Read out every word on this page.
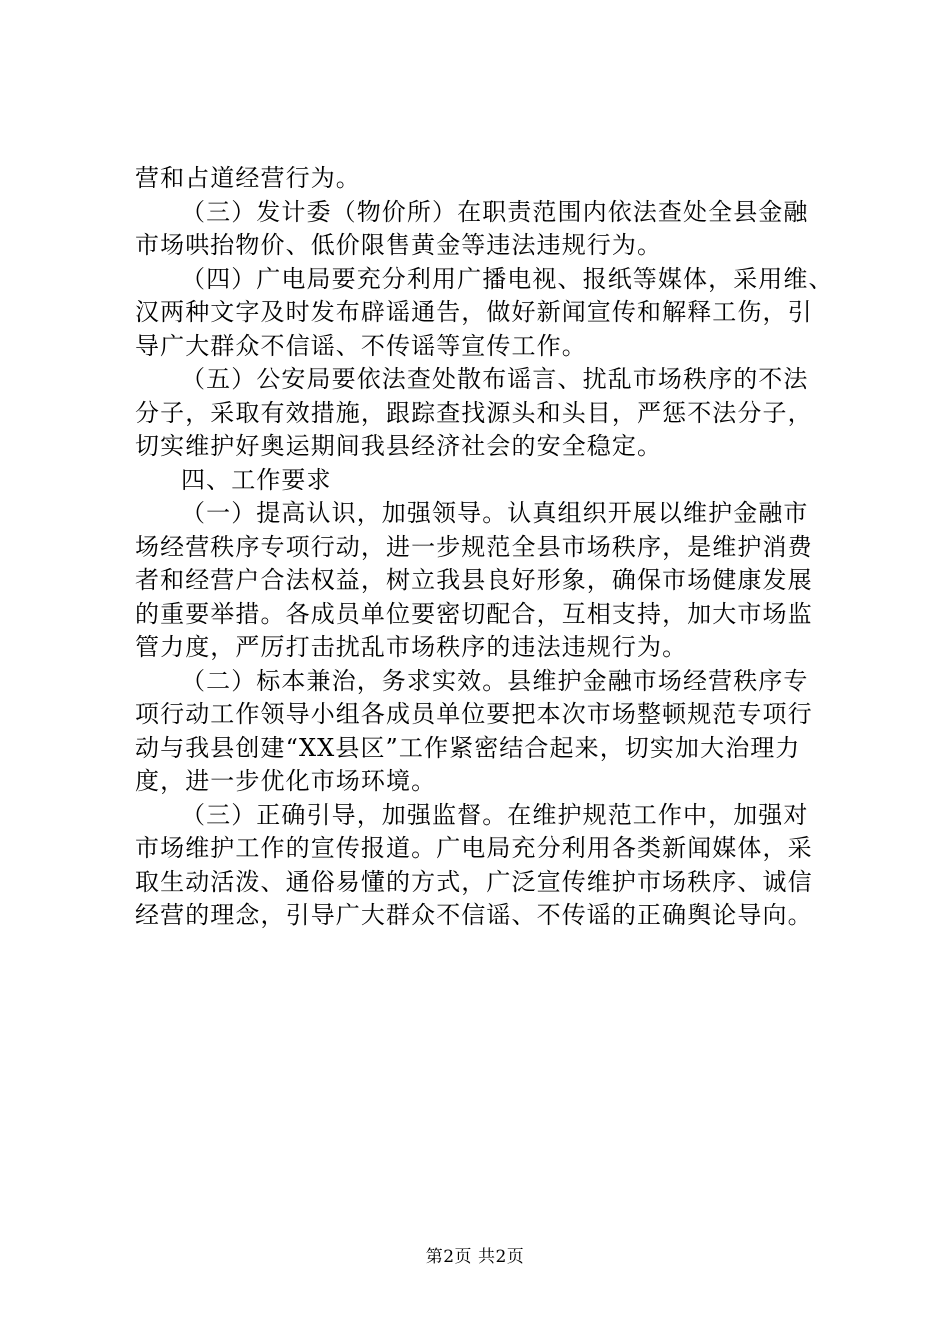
营和占道经营行为。
（三）发计委（物价所）在职责范围内依法查处全县金融
市场哄抬物价、低价限售黄金等违法违规行为。
（四）广电局要充分利用广播电视、报纸等媒体，采用维、
汉两种文字及时发布辟谣通告，做好新闻宣传和解释工伤，引
导广大群众不信谣、不传谣等宣传工作。
（五）公安局要依法查处散布谣言、扰乱市场秩序的不法
分子，采取有效措施，跟踪查找源头和头目，严惩不法分子，
切实维护好奥运期间我县经济社会的安全稳定。
四、工作要求
（一）提高认识，加强领导。认真组织开展以维护金融市
场经营秩序专项行动，进一步规范全县市场秩序，是维护消费
者和经营户合法权益，树立我县良好形象，确保市场健康发展
的重要举措。各成员单位要密切配合，互相支持，加大市场监
管力度，严厉打击扰乱市场秩序的违法违规行为。
（二）标本兼治，务求实效。县维护金融市场经营秩序专
项行动工作领导小组各成员单位要把本次市场整顿规范专项行
动与我县创建“XX县区”工作紧密结合起来，切实加大治理力
度，进一步优化市场环境。
（三）正确引导，加强监督。在维护规范工作中，加强对
市场维护工作的宣传报道。广电局充分利用各类新闻媒体，采
取生动活泼、通俗易懂的方式，广泛宣传维护市场秩序、诚信
经营的理念，引导广大群众不信谣、不传谣的正确舆论导向。
第2页 共2页
